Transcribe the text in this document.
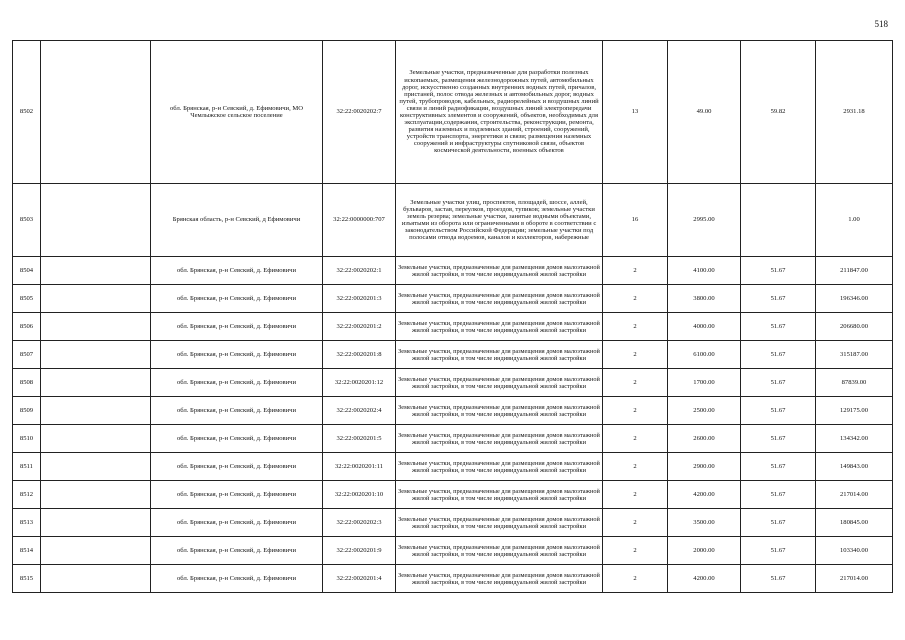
518
8502		обл. Брянская, р-н Севский, д. Ефимовичи, МО Чемлыжское сельское поселение	32:22:0020202:7	Земельные участки, предназначенные для разработки полезных ископаемых, размещения железнодорожных путей, автомобильных дорог, искусственно созданных внутренних водных путей, причалов, пристаней, полос отвода железных и автомобильных дорог, водных путей, трубопроводов, кабельных, радиорелейных и воздушных линий связи и линий радиофикации, воздушных линий электропередачи конструктивных элементов и сооружений, объектов, необходимых для эксплуатации,содержания, строительства, реконструкции, ремонта, развития наземных и подземных зданий, строений, сооружений, устройств транспорта, энергетики и связи; размещения наземных сооружений и инфраструктуры спутниковой связи, объектов космической деятельности, военных объектов	13	49.00	59.82	2931.18
8503		Брянская область, р-н Севский, д Ефимовичи	32:22:0000000:707	Земельные участки улиц, проспектов, площадей, шоссе, аллей, бульваров, застав, переулков, проездов, тупиков; земельные участки земель резерва; земельные участки, занятые водными объектами, изъятыми из оборота или ограниченными в обороте в соответствии с законодательством Российской Федерации; земельные участки под полосами отвода водоемов, каналов и коллекторов, набережные	16	2995.00		1.00
8504		обл. Брянская, р-н Севский, д. Ефимовичи	32:22:0020202:1	Земельные участки, предназначенные для размещения домов малоэтажной жилой застройки, в том числе индивидуальной жилой застройки	2	4100.00	51.67	211847.00
8505		обл. Брянская, р-н Севский, д. Ефимовичи	32:22:0020201:3	Земельные участки, предназначенные для размещения домов малоэтажной жилой застройки, в том числе индивидуальной жилой застройки	2	3800.00	51.67	196346.00
8506		обл. Брянская, р-н Севский, д. Ефимовичи	32:22:0020201:2	Земельные участки, предназначенные для размещения домов малоэтажной жилой застройки, в том числе индивидуальной жилой застройки	2	4000.00	51.67	206680.00
8507		обл. Брянская, р-н Севский, д. Ефимовичи	32:22:0020201:8	Земельные участки, предназначенные для размещения домов малоэтажной жилой застройки, в том числе индивидуальной жилой застройки	2	6100.00	51.67	315187.00
8508		обл. Брянская, р-н Севский, д. Ефимовичи	32:22:0020201:12	Земельные участки, предназначенные для размещения домов малоэтажной жилой застройки, в том числе индивидуальной жилой застройки	2	1700.00	51.67	87839.00
8509		обл. Брянская, р-н Севский, д. Ефимовичи	32:22:0020202:4	Земельные участки, предназначенные для размещения домов малоэтажной жилой застройки, в том числе индивидуальной жилой застройки	2	2500.00	51.67	129175.00
8510		обл. Брянская, р-н Севский, д. Ефимовичи	32:22:0020201:5	Земельные участки, предназначенные для размещения домов малоэтажной жилой застройки, в том числе индивидуальной жилой застройки	2	2600.00	51.67	134342.00
8511		обл. Брянская, р-н Севский, д. Ефимовичи	32:22:0020201:11	Земельные участки, предназначенные для размещения домов малоэтажной жилой застройки, в том числе индивидуальной жилой застройки	2	2900.00	51.67	149843.00
8512		обл. Брянская, р-н Севский, д. Ефимовичи	32:22:0020201:10	Земельные участки, предназначенные для размещения домов малоэтажной жилой застройки, в том числе индивидуальной жилой застройки	2	4200.00	51.67	217014.00
8513		обл. Брянская, р-н Севский, д. Ефимовичи	32:22:0020202:3	Земельные участки, предназначенные для размещения домов малоэтажной жилой застройки, в том числе индивидуальной жилой застройки	2	3500.00	51.67	180845.00
8514		обл. Брянская, р-н Севский, д. Ефимовичи	32:22:0020201:9	Земельные участки, предназначенные для размещения домов малоэтажной жилой застройки, в том числе индивидуальной жилой застройки	2	2000.00	51.67	103340.00
8515		обл. Брянская, р-н Севский, д. Ефимовичи	32:22:0020201:4	Земельные участки, предназначенные для размещения домов малоэтажной жилой застройки, в том числе индивидуальной жилой застройки	2	4200.00	51.67	217014.00
